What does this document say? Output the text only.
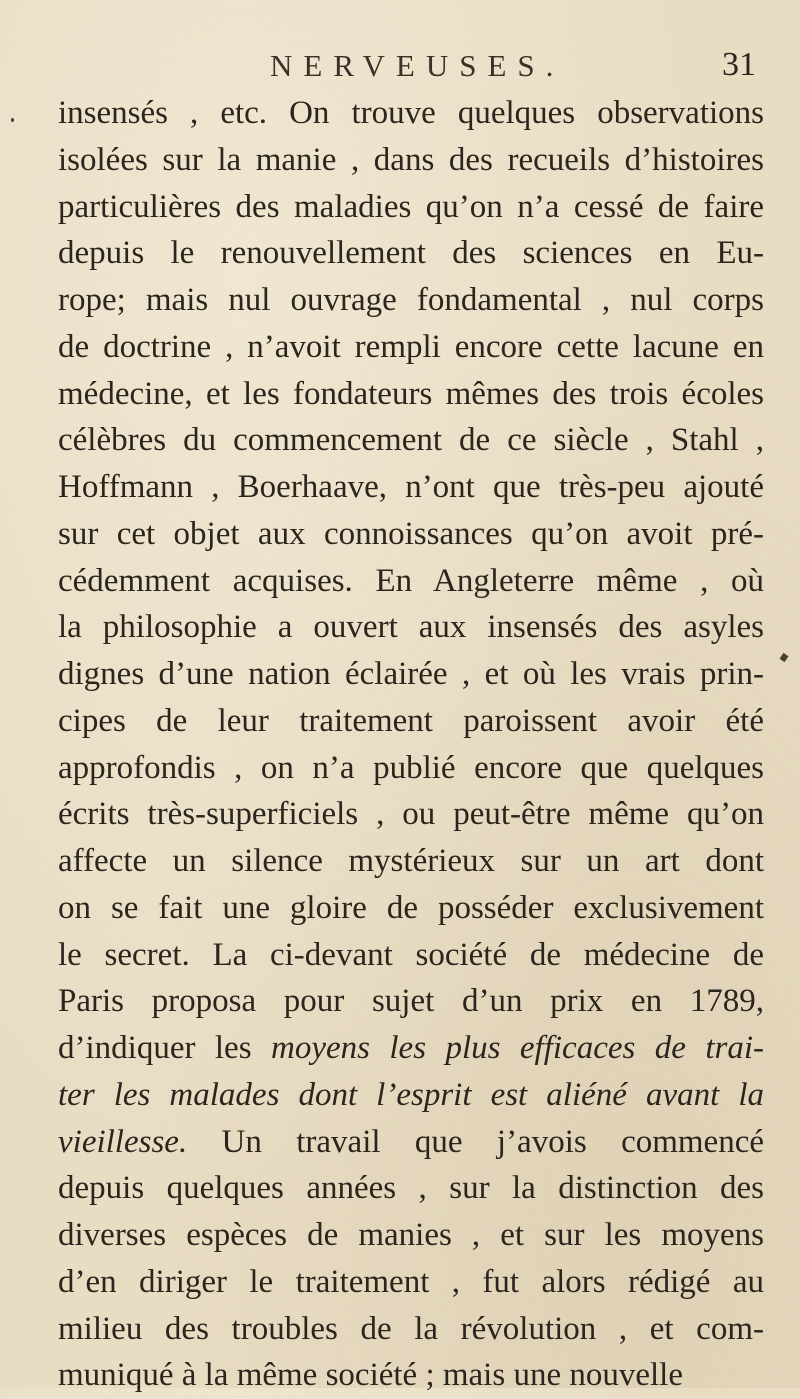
NERVEUSES.	31
insensés , etc. On trouve quelques observations
isolées sur la manie , dans des recueils d’histoires
particulières des maladies qu’on n’a cessé de faire
depuis le renouvellement des sciences en Eu-
rope; mais nul ouvrage fondamental , nul corps
de doctrine , n’avoit rempli encore cette lacune en
médecine, et les fondateurs mêmes des trois écoles
célèbres du commencement de ce siècle , Stahl ,
Hoffmann , Boerhaave, n’ont que très-peu ajouté
sur cet objet aux connoissances qu’on avoit pré-
cédemment acquises. En Angleterre même , où
la philosophie a ouvert aux insensés des asyles
dignes d’une nation éclairée , et où les vrais prin-
cipes de leur traitement paroissent avoir été
approfondis , on n’a publié encore que quelques
écrits très-superficiels , ou peut-être même qu’on
affecte un silence mystérieux sur un art dont
on se fait une gloire de posséder exclusivement
le secret. La ci-devant société de médecine de
Paris proposa pour sujet d’un prix en 1789,
d’indiquer les moyens les plus efficaces de trai-
ter les malades dont l’esprit est aliéné avant la
vieillesse. Un travail que j’avois commencé
depuis quelques années , sur la distinction des
diverses espèces de manies , et sur les moyens
d’en diriger le traitement , fut alors rédigé au
milieu des troubles de la révolution , et com-
muniqué à la même société ; mais une nouvelle
